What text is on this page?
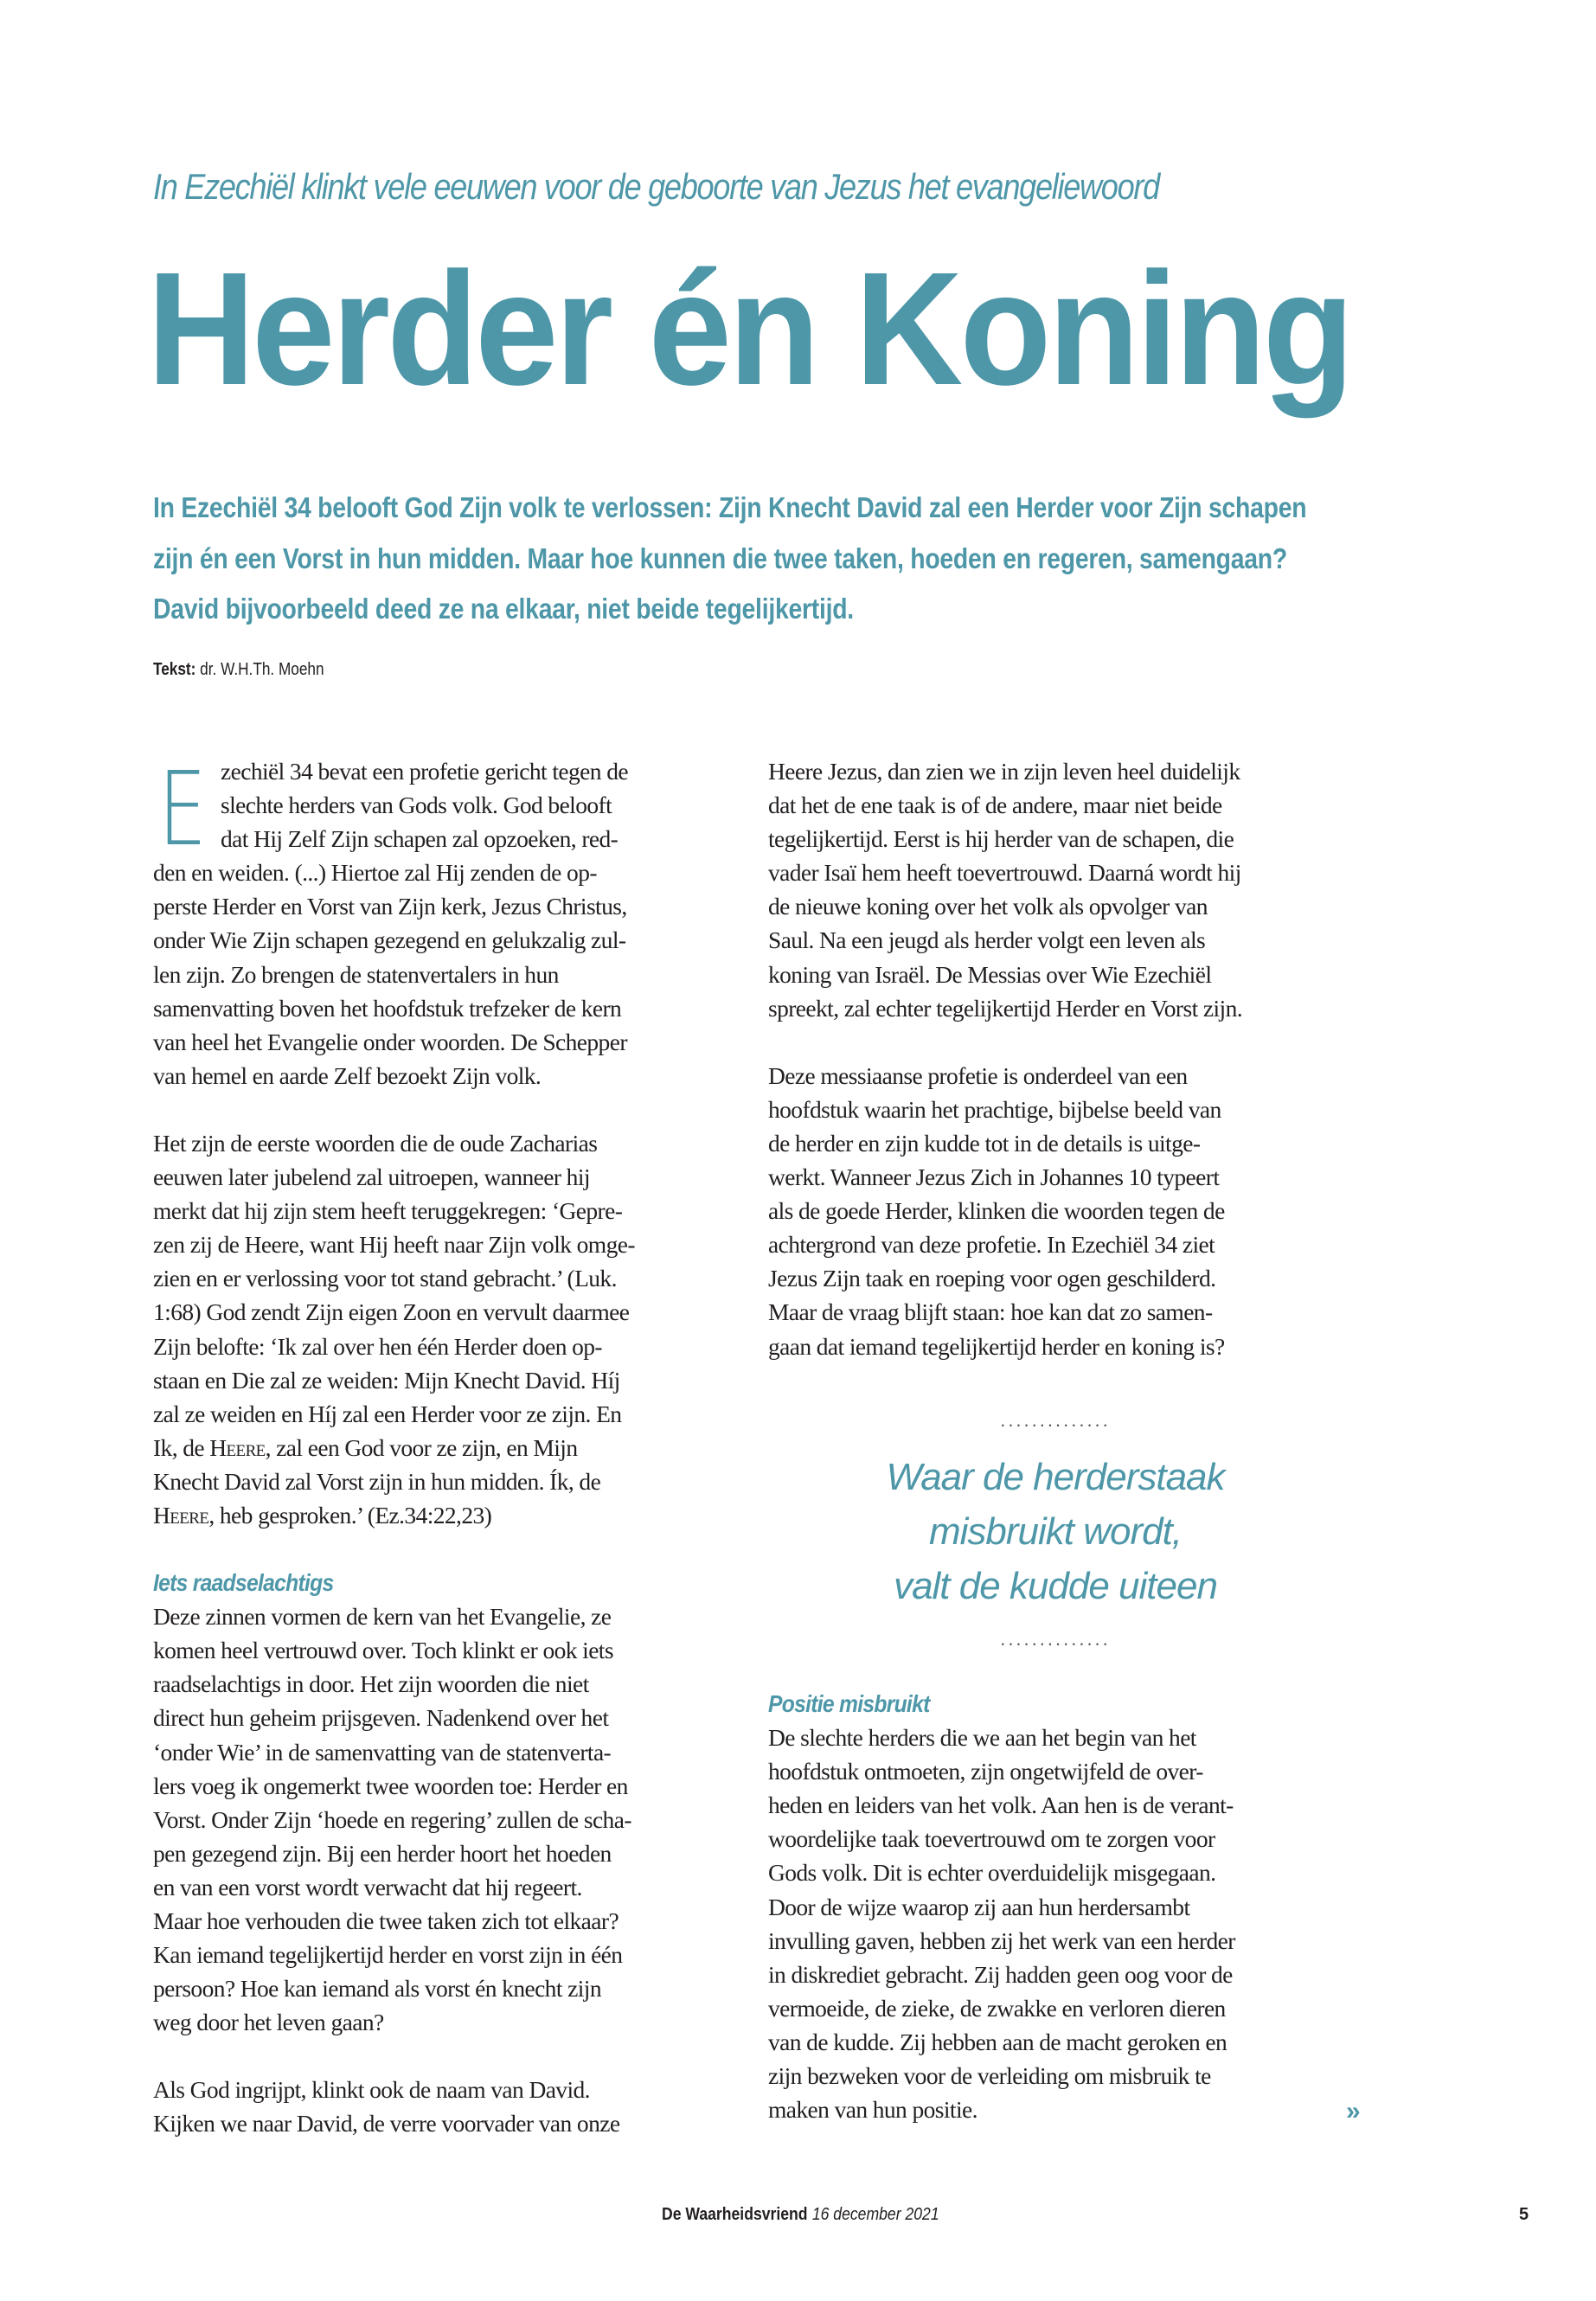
In Ezechiël klinkt vele eeuwen voor de geboorte van Jezus het evangeliewoord
Herder én Koning
In Ezechiël 34 belooft God Zijn volk te verlossen: Zijn Knecht David zal een Herder voor Zijn schapen
zijn én een Vorst in hun midden. Maar hoe kunnen die twee taken, hoeden en regeren, samengaan?
David bijvoorbeeld deed ze na elkaar, niet beide tegelijkertijd.
Tekst: dr. W.H.Th. Moehn
E zechiël 34 bevat een profetie gericht tegen de
slechte herders van Gods volk. God belooft
dat Hij Zelf Zijn schapen zal opzoeken, red-
den en weiden. (...) Hiertoe zal Hij zenden de op-
perste Herder en Vorst van Zijn kerk, Jezus Christus,
onder Wie Zijn schapen gezegend en gelukzalig zul-
len zijn. Zo brengen de statenvertalers in hun
samenvatting boven het hoofdstuk trefzeker de kern
van heel het Evangelie onder woorden. De Schepper
van hemel en aarde Zelf bezoekt Zijn volk.
Het zijn de eerste woorden die de oude Zacharias
eeuwen later jubelend zal uitroepen, wanneer hij
merkt dat hij zijn stem heeft teruggekregen: ‘Gepre-
zen zij de Heere, want Hij heeft naar Zijn volk omge-
zien en er verlossing voor tot stand gebracht.’ (Luk.
1:68) God zendt Zijn eigen Zoon en vervult daarmee
Zijn belofte: ‘Ik zal over hen één Herder doen op-
staan en Die zal ze weiden: Mijn Knecht David. Híj
zal ze weiden en Híj zal een Herder voor ze zijn. En
Ik, de Heere, zal een God voor ze zijn, en Mijn
Knecht David zal Vorst zijn in hun midden. Ík, de
Heere, heb gesproken.’ (Ez.34:22,23)
Iets raadselachtigs
Deze zinnen vormen de kern van het Evangelie, ze
komen heel vertrouwd over. Toch klinkt er ook iets
raadselachtigs in door. Het zijn woorden die niet
direct hun geheim prijsgeven. Nadenkend over het
‘onder Wie’ in de samenvatting van de statenverta-
lers voeg ik ongemerkt twee woorden toe: Herder en
Vorst. Onder Zijn ‘hoede en regering’ zullen de scha-
pen gezegend zijn. Bij een herder hoort het hoeden
en van een vorst wordt verwacht dat hij regeert.
Maar hoe verhouden die twee taken zich tot elkaar?
Kan iemand tegelijkertijd herder en vorst zijn in één
persoon? Hoe kan iemand als vorst én knecht zijn
weg door het leven gaan?
Als God ingrijpt, klinkt ook de naam van David.
Kijken we naar David, de verre voorvader van onze
Heere Jezus, dan zien we in zijn leven heel duidelijk
dat het de ene taak is of de andere, maar niet beide
tegelijkertijd. Eerst is hij herder van de schapen, die
vader Isaï hem heeft toevertrouwd. Daarná wordt hij
de nieuwe koning over het volk als opvolger van
Saul. Na een jeugd als herder volgt een leven als
koning van Israël. De Messias over Wie Ezechiël
spreekt, zal echter tegelijkertijd Herder en Vorst zijn.
Deze messiaanse profetie is onderdeel van een
hoofdstuk waarin het prachtige, bijbelse beeld van
de herder en zijn kudde tot in de details is uitge-
werkt. Wanneer Jezus Zich in Johannes 10 typeert
als de goede Herder, klinken die woorden tegen de
achtergrond van deze profetie. In Ezechiël 34 ziet
Jezus Zijn taak en roeping voor ogen geschilderd.
Maar de vraag blijft staan: hoe kan dat zo samen-
gaan dat iemand tegelijkertijd herder en koning is?
..............
Waar de herderstaak
misbruikt wordt,
valt de kudde uiteen
..............
Positie misbruikt
De slechte herders die we aan het begin van het
hoofdstuk ontmoeten, zijn ongetwijfeld de over-
heden en leiders van het volk. Aan hen is de verant-
woordelijke taak toevertrouwd om te zorgen voor
Gods volk. Dit is echter overduidelijk misgegaan.
Door de wijze waarop zij aan hun herdersambt
invulling gaven, hebben zij het werk van een herder
in diskrediet gebracht. Zij hadden geen oog voor de
vermoeide, de zieke, de zwakke en verloren dieren
van de kudde. Zij hebben aan de macht geroken en
zijn bezweken voor de verleiding om misbruik te
maken van hun positie.	»
De Waarheidsvriend 16 december 2021	5
